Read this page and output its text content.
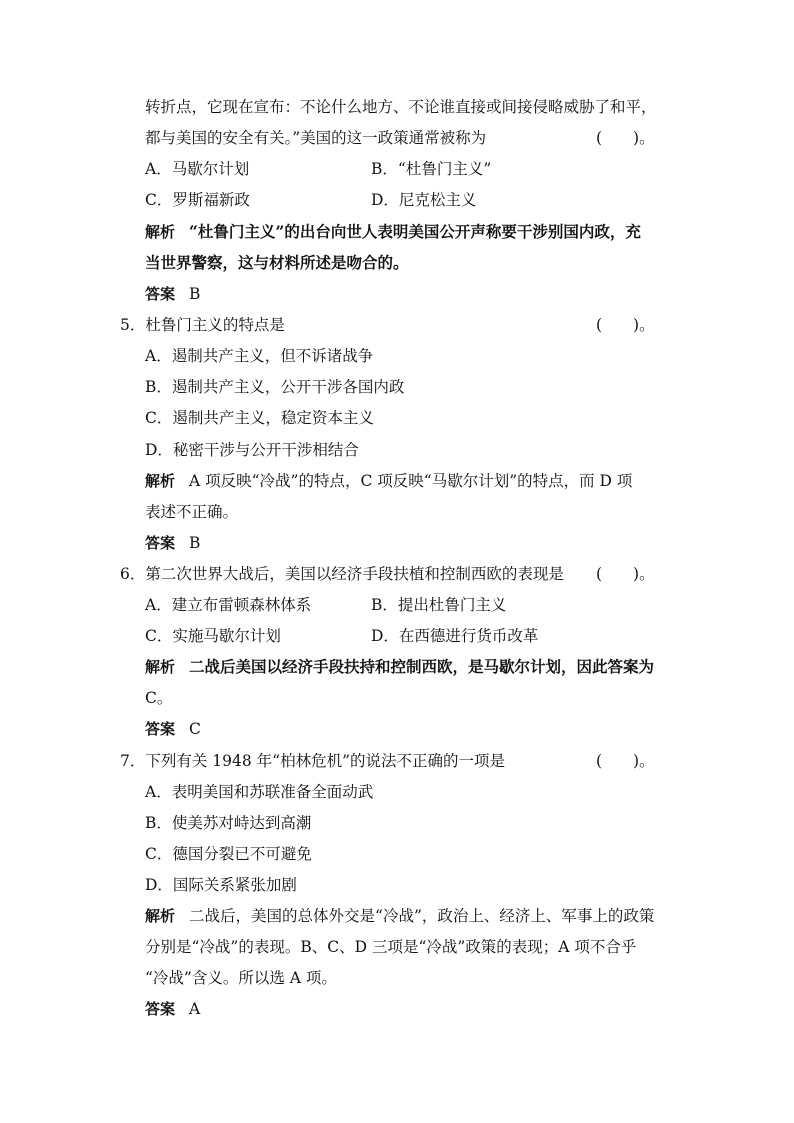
转折点，它现在宣布：不论什么地方、不论谁直接或间接侵略威胁了和平，
都与美国的安全有关。”美国的这一政策通常被称为	(　　)。
A．马歇尔计划	B．“杜鲁门主义”
C．罗斯福新政	D．尼克松主义
解析 “杜鲁门主义”的出台向世人表明美国公开声称要干涉别国内政，充
当世界警察，这与材料所述是吻合的。
答案 B
5．杜鲁门主义的特点是	(　　)。
A．遏制共产主义，但不诉诸战争
B．遏制共产主义，公开干涉各国内政
C．遏制共产主义，稳定资本主义
D．秘密干涉与公开干涉相结合
解析 A 项反映“冷战”的特点，C 项反映“马歇尔计划”的特点，而 D 项
表述不正确。
答案 B
6．第二次世界大战后，美国以经济手段扶植和控制西欧的表现是 (　　)。
A．建立布雷顿森林体系	B．提出杜鲁门主义
C．实施马歇尔计划	D．在西德进行货币改革
解析 二战后美国以经济手段扶持和控制西欧，是马歇尔计划，因此答案为
C。
答案 C
7．下列有关 1948 年“柏林危机”的说法不正确的一项是	(　　)。
A．表明美国和苏联准备全面动武
B．使美苏对峙达到高潮
C．德国分裂已不可避免
D．国际关系紧张加剧
解析 二战后，美国的总体外交是“冷战”，政治上、经济上、军事上的政策
分别是“冷战”的表现。B、C、D 三项是“冷战”政策的表现；A 项不合乎
“冷战”含义。所以选 A 项。
答案 A
